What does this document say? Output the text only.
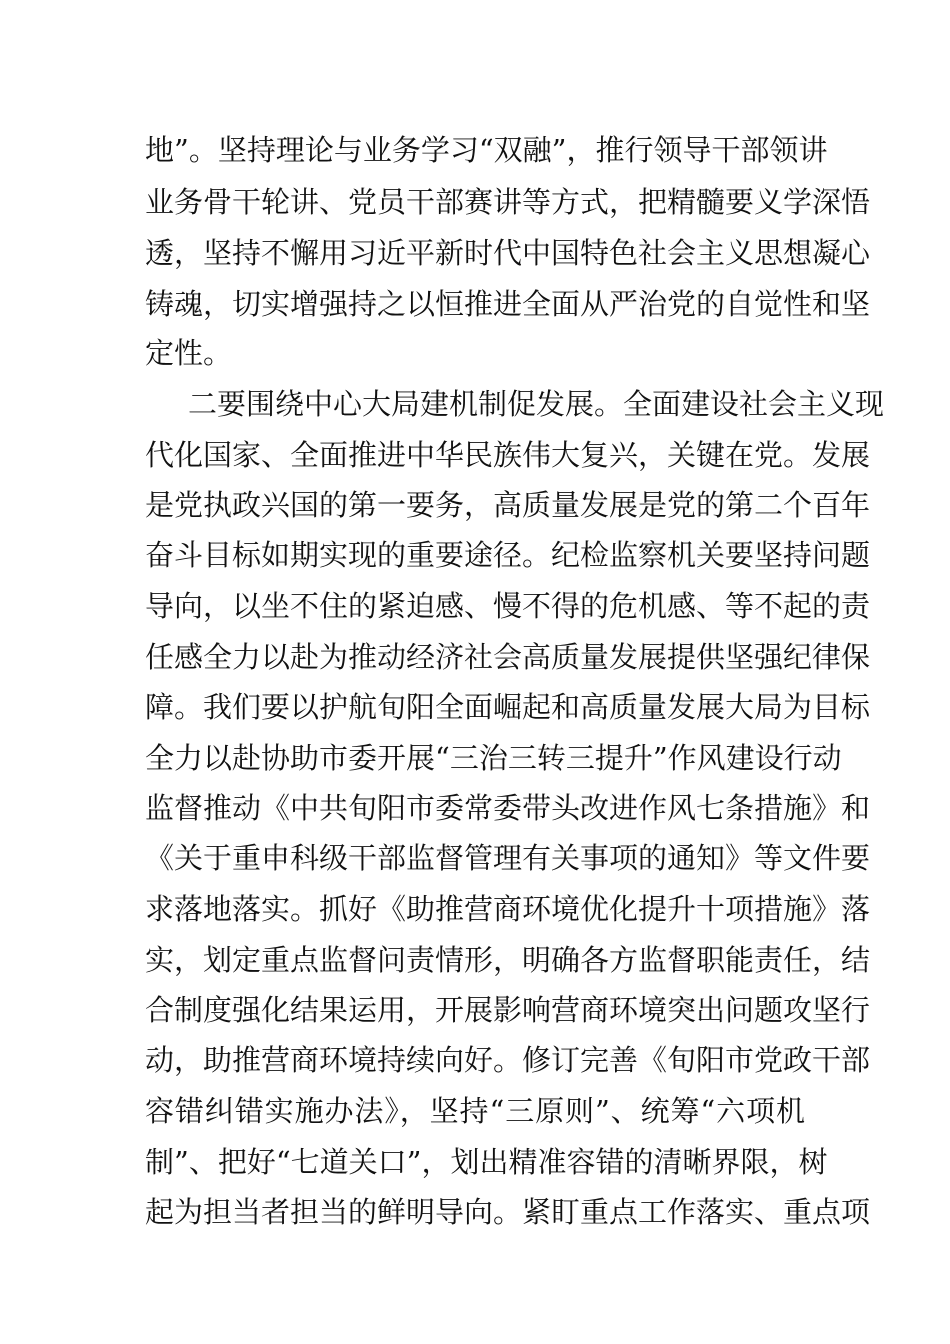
地”。坚持理论与业务学习“双融”，推行领导干部领讲
业务骨干轮讲、党员干部赛讲等方式，把精髓要义学深悟
透，坚持不懈用习近平新时代中国特色社会主义思想凝心
铸魂，切实增强持之以恒推进全面从严治党的自觉性和坚
定性。
二要围绕中心大局建机制促发展。全面建设社会主义现
代化国家、全面推进中华民族伟大复兴，关键在党。发展
是党执政兴国的第一要务，高质量发展是党的第二个百年
奋斗目标如期实现的重要途径。纪检监察机关要坚持问题
导向，以坐不住的紧迫感、慢不得的危机感、等不起的责
任感全力以赴为推动经济社会高质量发展提供坚强纪律保
障。我们要以护航旬阳全面崛起和高质量发展大局为目标
全力以赴协助市委开展“三治三转三提升”作风建设行动
监督推动《中共旬阳市委常委带头改进作风七条措施》和
《关于重申科级干部监督管理有关事项的通知》等文件要
求落地落实。抓好《助推营商环境优化提升十项措施》落
实，划定重点监督问责情形，明确各方监督职能责任，结
合制度强化结果运用，开展影响营商环境突出问题攻坚行
动，助推营商环境持续向好。修订完善《旬阳市党政干部
容错纠错实施办法》，坚持“三原则”、统筹“六项机
制”、把好“七道关口”，划出精准容错的清晰界限，树
起为担当者担当的鲜明导向。紧盯重点工作落实、重点项
